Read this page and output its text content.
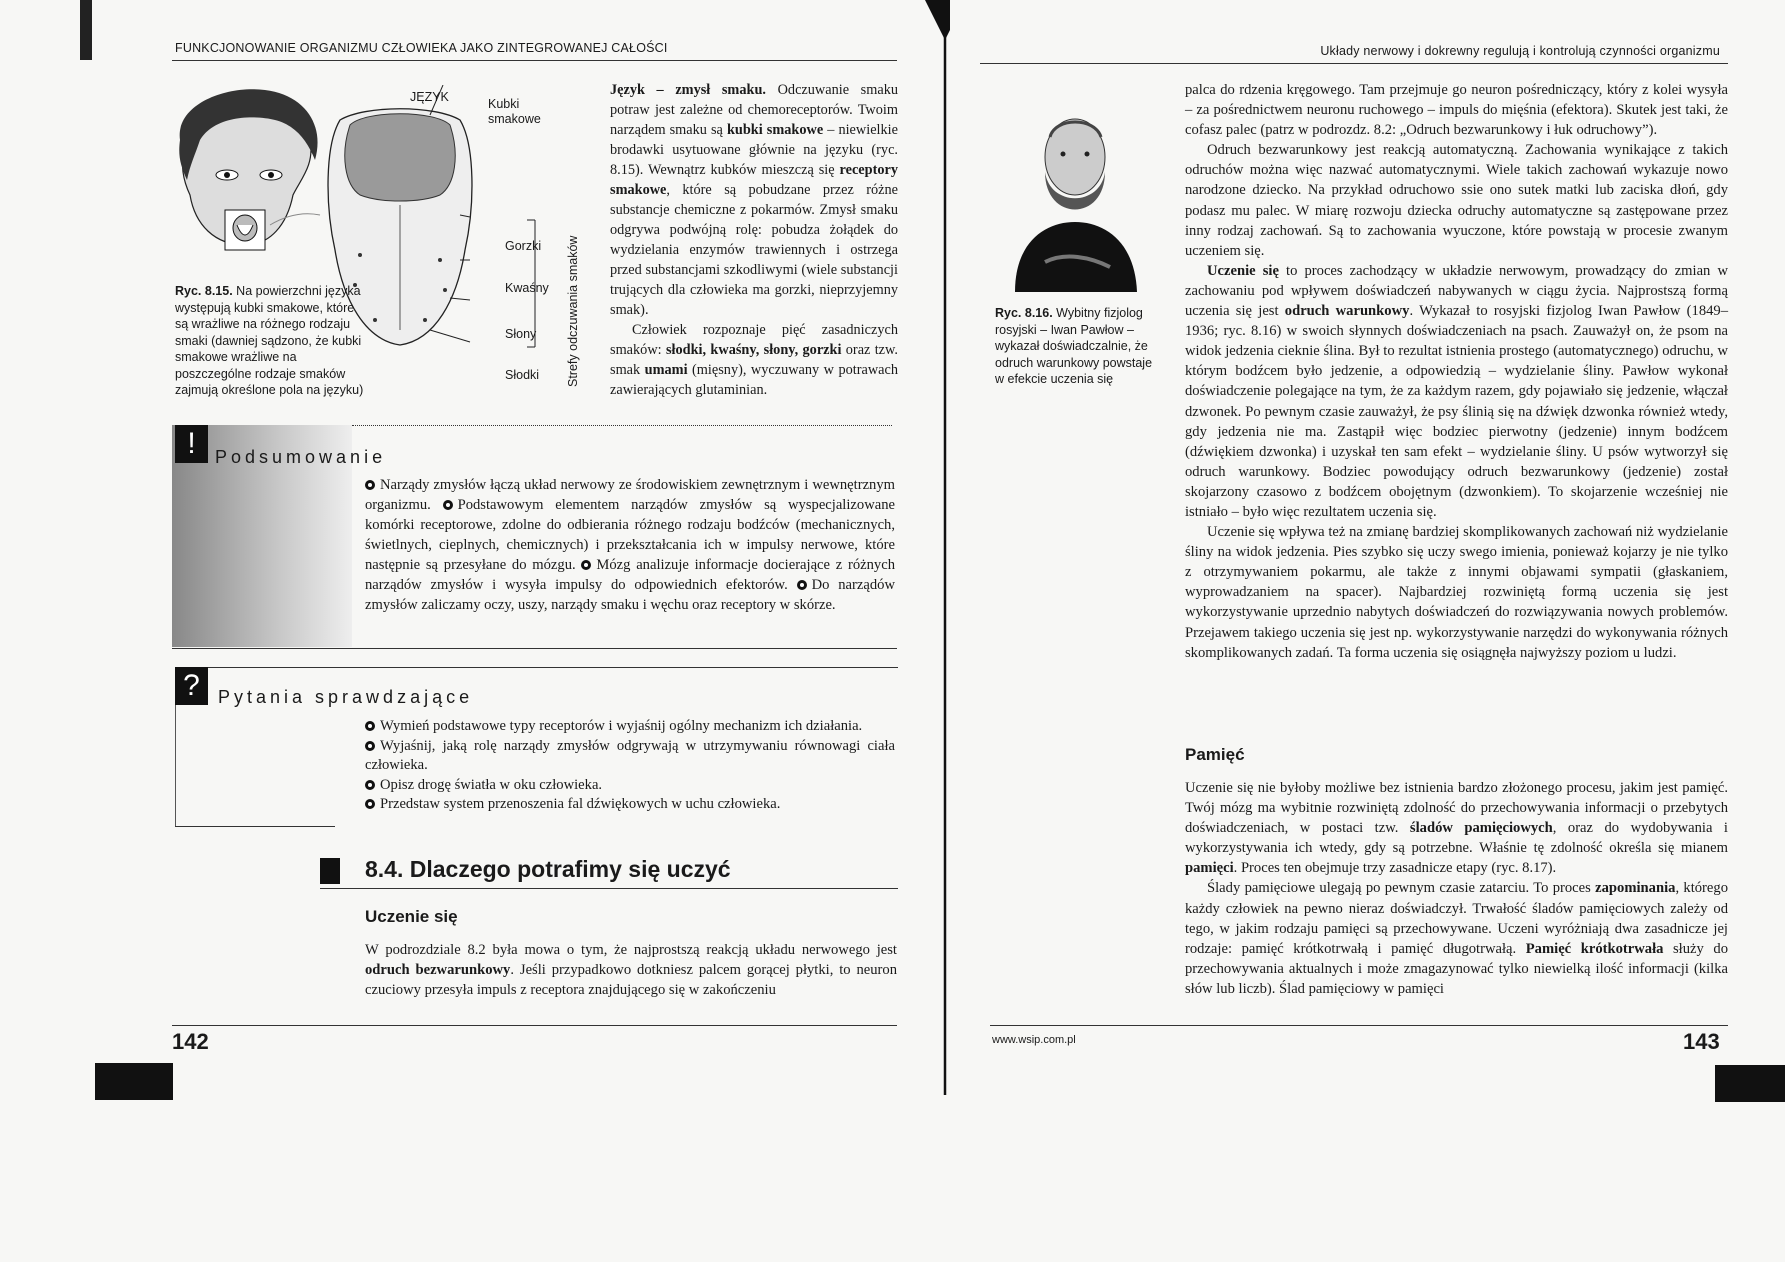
FUNKCJONOWANIE ORGANIZMU CZŁOWIEKA JAKO ZINTEGROWANEJ CAŁOŚCI
JĘZYK	Kubki smakowe
Gorzki
Kwaśny
Słony
Słodki Strefy odczuwania smaków
Ryc. 8.15. Na powierzchni języka występują kubki smakowe, które są wrażliwe na różnego rodzaju smaki (dawniej sądzono, że kubki smakowe wrażliwe na poszczególne rodzaje smaków zajmują określone pola na języku)

Język – zmysł smaku. Odczuwanie smaku potraw jest zależne od chemoreceptorów. Twoim narządem smaku są kubki smakowe – niewielkie brodawki usytuowane głównie na języku (ryc. 8.15). Wewnątrz kubków mieszczą się receptory smakowe, które są pobudzane przez różne substancje chemiczne z pokarmów. Zmysł smaku odgrywa podwójną rolę: pobudza żołądek do wydzielania enzymów trawiennych i ostrzega przed substancjami szkodliwymi (wiele substancji trujących dla człowieka ma gorzki, nieprzyjemny smak).

Człowiek rozpoznaje pięć zasadniczych smaków: słodki, kwaśny, słony, gorzki oraz tzw. smak umami (mięsny), wyczuwany w potrawach zawierających glutaminian.

!	Podsumowanie

Narządy zmysłów łączą układ nerwowy ze środowiskiem zewnętrznym i wewnętrznym organizmu. Podstawowym elementem narządów zmysłów są wyspecjalizowane komórki receptorowe, zdolne do odbierania różnego rodzaju bodźców (mechanicznych, świetlnych, cieplnych, chemicznych) i przekształcania ich w impulsy nerwowe, które następnie są przesyłane do mózgu. Mózg analizuje informacje docierające z różnych narządów zmysłów i wysyła impulsy do odpowiednich efektorów. Do narządów zmysłów zaliczamy oczy, uszy, narządy smaku i węchu oraz receptory w skórze.

?	Pytania sprawdzające

Wymień podstawowe typy receptorów i wyjaśnij ogólny mechanizm ich działania.

Wyjaśnij, jaką rolę narządy zmysłów odgrywają w utrzymywaniu równowagi ciała człowieka.

Opisz drogę światła w oku człowieka.

Przedstaw system przenoszenia fal dźwiękowych w uchu człowieka.

8.4. Dlaczego potrafimy się uczyć
Uczenie się

W podrozdziale 8.2 była mowa o tym, że najprostszą reakcją układu nerwowego jest odruch bezwarunkowy. Jeśli przypadkowo dotkniesz palcem gorącej płytki, to neuron czuciowy przesyła impuls z receptora znajdującego się w zakończeniu

142
Układy nerwowy i dokrewny regulują i kontrolują czynności organizmu
Ryc. 8.16. Wybitny fizjolog rosyjski – Iwan Pawłow – wykazał doświadczalnie, że odruch warunkowy powstaje w efekcie uczenia się

palca do rdzenia kręgowego. Tam przejmuje go neuron pośredniczący, który z kolei wysyła – za pośrednictwem neuronu ruchowego – impuls do mięśnia (efektora). Skutek jest taki, że cofasz palec (patrz w podrozdz. 8.2: „Odruch bezwarunkowy i łuk odruchowy”).

Odruch bezwarunkowy jest reakcją automatyczną. Zachowania wynikające z takich odruchów można więc nazwać automatycznymi. Wiele takich zachowań wykazuje nowo narodzone dziecko. Na przykład odruchowo ssie ono sutek matki lub zaciska dłoń, gdy podasz mu palec. W miarę rozwoju dziecka odruchy automatyczne są zastępowane przez inny rodzaj zachowań. Są to zachowania wyuczone, które powstają w procesie zwanym uczeniem się.

Uczenie się to proces zachodzący w układzie nerwowym, prowadzący do zmian w zachowaniu pod wpływem doświadczeń nabywanych w ciągu życia. Najprostszą formą uczenia się jest odruch warunkowy. Wykazał to rosyjski fizjolog Iwan Pawłow (1849–1936; ryc. 8.16) w swoich słynnych doświadczeniach na psach. Zauważył on, że psom na widok jedzenia cieknie ślina. Był to rezultat istnienia prostego (automatycznego) odruchu, w którym bodźcem było jedzenie, a odpowiedzią – wydzielanie śliny. Pawłow wykonał doświadczenie polegające na tym, że za każdym razem, gdy pojawiało się jedzenie, włączał dzwonek. Po pewnym czasie zauważył, że psy ślinią się na dźwięk dzwonka również wtedy, gdy jedzenia nie ma. Zastąpił więc bodziec pierwotny (jedzenie) innym bodźcem (dźwiękiem dzwonka) i uzyskał ten sam efekt – wydzielanie śliny. U psów wytworzył się odruch warunkowy. Bodziec powodujący odruch bezwarunkowy (jedzenie) został skojarzony czasowo z bodźcem obojętnym (dzwonkiem). To skojarzenie wcześniej nie istniało – było więc rezultatem uczenia się.

Uczenie się wpływa też na zmianę bardziej skomplikowanych zachowań niż wydzielanie śliny na widok jedzenia. Pies szybko się uczy swego imienia, ponieważ kojarzy je nie tylko z otrzymywaniem pokarmu, ale także z innymi objawami sympatii (głaskaniem, wyprowadzaniem na spacer). Najbardziej rozwiniętą formą uczenia się jest wykorzystywanie uprzednio nabytych doświadczeń do rozwiązywania nowych problemów. Przejawem takiego uczenia się jest np. wykorzystywanie narzędzi do wykonywania różnych skomplikowanych zadań. Ta forma uczenia się osiągnęła najwyższy poziom u ludzi.

Pamięć

Uczenie się nie byłoby możliwe bez istnienia bardzo złożonego procesu, jakim jest pamięć. Twój mózg ma wybitnie rozwiniętą zdolność do przechowywania informacji o przebytych doświadczeniach, w postaci tzw. śladów pamięciowych, oraz do wydobywania i wykorzystywania ich wtedy, gdy są potrzebne. Właśnie tę zdolność określa się mianem pamięci. Proces ten obejmuje trzy zasadnicze etapy (ryc. 8.17).

Ślady pamięciowe ulegają po pewnym czasie zatarciu. To proces zapominania, którego każdy człowiek na pewno nieraz doświadczył. Trwałość śladów pamięciowych zależy od tego, w jakim rodzaju pamięci są przechowywane. Uczeni wyróżniają dwa zasadnicze jej rodzaje: pamięć krótkotrwałą i pamięć długotrwałą. Pamięć krótkotrwała służy do przechowywania aktualnych i może zmagazynować tylko niewielką ilość informacji (kilka słów lub liczb). Ślad pamięciowy w pamięci

www.wsip.com.pl	143
